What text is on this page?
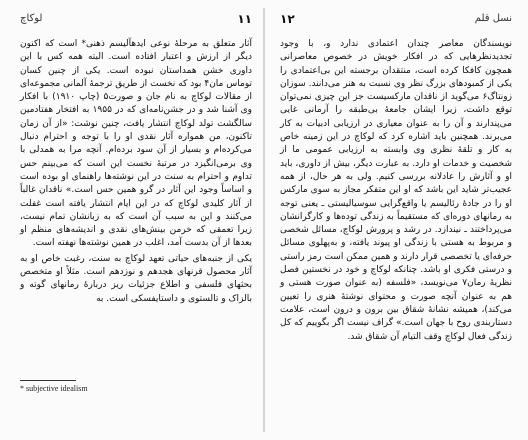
لوکاچ	۱۱

آثار متعلق به مرحلهٔ نوعی ایدهآلیسم ذهنی* است که اکنون دیگر از ارزش و اعتبار افتاده است. البته همه کس با این داوری خشن همداستان نبوده است. یکی از چنین کسان توماس مان۴ بود که نخست از طریق ترجمهٔ آلمانی مجموعه‌ای از مقالات لوکاچ به نام جان و صورت۵ (چاپ ۱۹۱۰) با افکار وی آشنا شد و در جشن‌نامه‌ای که در ۱۹۵۵ به افتخار هفتادمین سالگشت تولد لوکاچ انتشار یافت، چنین نوشت: «از آن زمان تاکنون، من همواره آثار نقدی او را با توجه و احترام دنبال می‌کرده‌ام و بسیار از آن سود برده‌ام. آنچه مرا به همدلی با وی برمی‌انگیزد در مرتبهٔ نخست این است که می‌بینم حس تداوم و احترام به سنت در این نوشته‌ها راهنمای او بوده است و اساساً وجود این آثار در گرو همین حس است.» ناقدان غالباً از آثار کلیدی لوکاچ که در این ایام انتشار یافته است غفلت می‌کنند و این به سبب آن است که به زبانشان تمام نیست، زیرا تعمقی که خرمن بینش‌های نقدی و اندیشه‌های منظم او بعدها از آن بدست آمد، اغلب در همین نوشته‌ها نهفته است.

یکی از جنبه‌های حیاتی تعهد لوکاچ به سنت، رغبت خاص او به آثار محصول قرنهای هجدهم و نوزدهم است. مثلاً او متخصص بحثهای فلسفی و اطلاع جزئیات ریز دربارهٔ رمانهای گوته و بالزاک و تالستوی و داستایفسکی است. به

* subjective idealism
۱۲	نسل قلم

نویسندگان معاصر چندان اعتمادی ندارد و، با وجود تجدیدنظرهایی که در افکار خویش در خصوص معاصرانی همچون کافکا کرده است، منتقدان برجسته این بی‌اعتمادی را یکی از کمبودهای بزرگ نظر وی نسبت به هنر می‌دانند. سوزان زونتاگ۶ می‌گوید از ناقدان مارکسیست جز این چیزی نمی‌توان توقع داشت، زیرا ایشان جامعهٔ بی‌طبقه را آرمانی غایی می‌پندارند و آن را به عنوان معیاری در ارزیابی ادبیات به کار می‌برند. همچنین باید اشاره کرد که لوکاچ در این زمینه خاص به کار و تلقهٔ نظری وی وابسته به ارزیابی عمومی ما از شخصیت و خدمات او دارد. به عبارت دیگر، بیش از داوری، باید او و آثارش را عادلانه بررسی کنیم. ولی به هر حال، از همه عجیب‌تر شاید این باشد که او این متفکر مجاز به سوی مارکس او را در جادهٔ رئالیسم یا واقع‌گرایی سوسیالیستی ـ یعنی توجه به رمانهای دوره‌ای که مستقیماً به زندگی توده‌ها و کارگرانشان می‌پرداختند ـ نیندازد. در رشد و پرورش لوکاچ، مسائل شخصی و مربوط به هستی با زندگی او پیوند یافته، و به‌پهلوی مسائل حرفه‌ای یا تخصصی قرار دارند و همین ممکن است رمز راستی و درستی فکری او باشد. چنانکه لوکاچ و خود در نخستین فصل نظریهٔ رمان۷ می‌نویسد، «فلسفه (به عنوان صورت هستی و هم به عنوان آنچه صورت و محتوای نوشتهٔ هنری را تعیین می‌کند)، همیشه نشانهٔ شقاق بین برون و درون است، علامت دستاربندی روح با جهان است.» گراف نیست اگر بگوییم که کل زندگی فعال لوکاچ وقف التیام آن شقاق شد.
